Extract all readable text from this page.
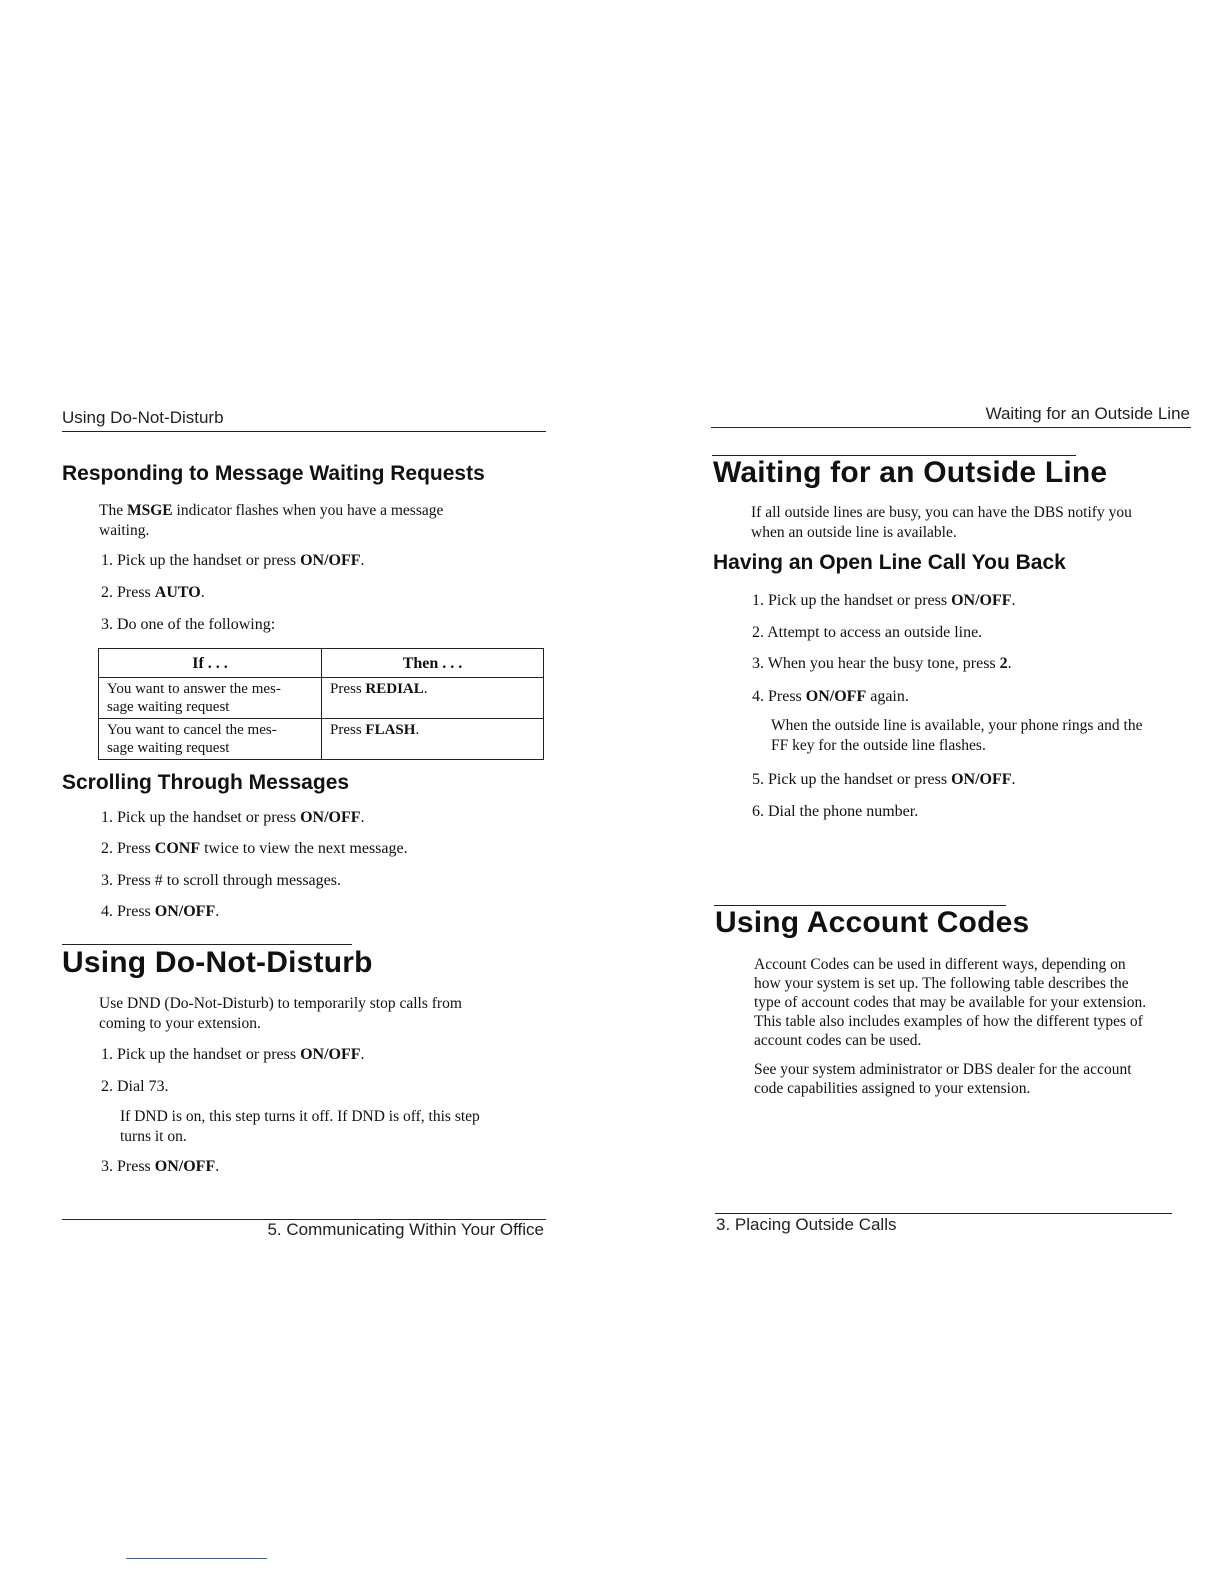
Using Do-Not-Disturb
Responding to Message Waiting Requests
The MSGE indicator flashes when you have a message
waiting.
1. Pick up the handset or press ON/OFF.
2. Press AUTO.
3. Do one of the following:
If . . .	Then . . .
You want to answer the mes-
sage waiting request	Press REDIAL.
You want to cancel the mes-
sage waiting request	Press FLASH.
Scrolling Through Messages
1. Pick up the handset or press ON/OFF.
2. Press CONF twice to view the next message.
3. Press # to scroll through messages.
4. Press ON/OFF.
Using Do-Not-Disturb
Use DND (Do-Not-Disturb) to temporarily stop calls from
coming to your extension.
1. Pick up the handset or press ON/OFF.
2. Dial 73.
If DND is on, this step turns it off. If DND is off, this step
turns it on.
3. Press ON/OFF.
5. Communicating Within Your Office
Waiting for an Outside Line
Waiting for an Outside Line
If all outside lines are busy, you can have the DBS notify you
when an outside line is available.
Having an Open Line Call You Back
1. Pick up the handset or press ON/OFF.
2. Attempt to access an outside line.
3. When you hear the busy tone, press 2.
4. Press ON/OFF again.
When the outside line is available, your phone rings and the
FF key for the outside line flashes.
5. Pick up the handset or press ON/OFF.
6. Dial the phone number.
Using Account Codes
Account Codes can be used in different ways, depending on
how your system is set up. The following table describes the
type of account codes that may be available for your extension.
This table also includes examples of how the different types of
account codes can be used.
See your system administrator or DBS dealer for the account
code capabilities assigned to your extension.
3. Placing Outside Calls
